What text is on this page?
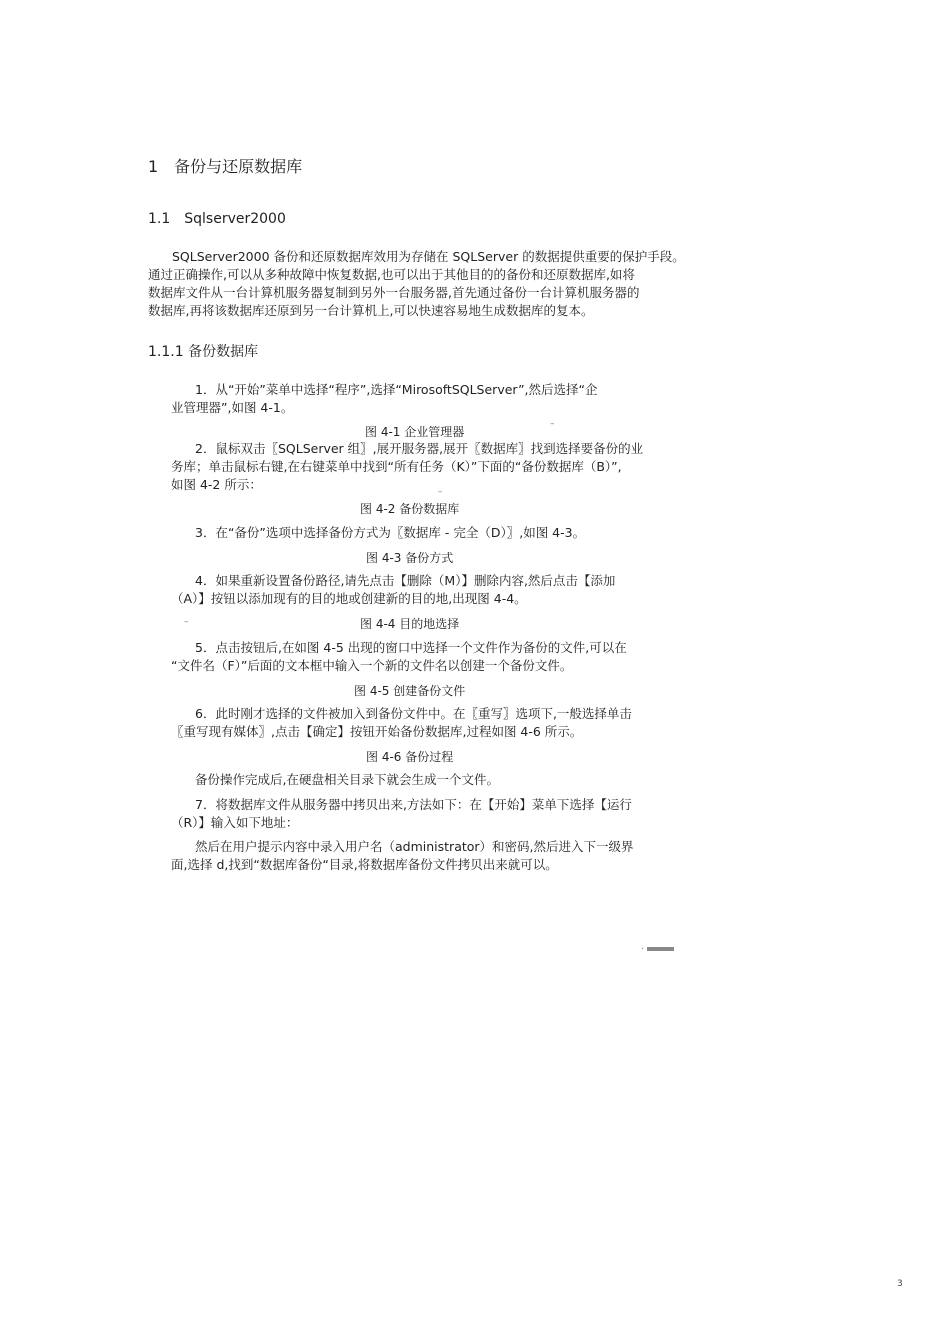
1　备份与还原数据库
1.1　Sqlserver2000
SQLServer2000 备份和还原数据库效用为存储在 SQLServer 的数据提供重要的保护手段。
通过正确操作,可以从多种故障中恢复数据,也可以出于其他目的的备份和还原数据库,如将
数据库文件从一台计算机服务器复制到另外一台服务器,首先通过备份一台计算机服务器的
数据库,再将该数据库还原到另一台计算机上,可以快速容易地生成数据库的复本。
1.1.1 备份数据库
1．从“开始”菜单中选择“程序”,选择“MirosoftSQLServer”,然后选择“企
业管理器”,如图 4-1。
图 4-1 企业管理器
–
2．鼠标双击〖SQLServer 组〗,展开服务器,展开〖数据库〗找到选择要备份的业
务库；单击鼠标右键,在右键菜单中找到“所有任务（K）”下面的“备份数据库（B）”,
如图 4-2 所示：	–
图 4-2 备份数据库
3．在“备份”选项中选择备份方式为〖数据库 - 完全（D）〗,如图 4-3。
图 4-3 备份方式
4．如果重新设置备份路径,请先点击【删除（M）】删除内容,然后点击【添加
（A）】按钮以添加现有的目的地或创建新的目的地,出现图 4-4。
–	图 4-4 目的地选择
5．点击按钮后,在如图 4-5 出现的窗口中选择一个文件作为备份的文件,可以在
“文件名（F）”后面的文本框中输入一个新的文件名以创建一个备份文件。
图 4-5 创建备份文件
6．此时刚才选择的文件被加入到备份文件中。在〖重写〗选项下,一般选择单击
〖重写现有媒体〗,点击【确定】按钮开始备份数据库,过程如图 4-6 所示。
图 4-6 备份过程
备份操作完成后,在硬盘相关目录下就会生成一个文件。
7．将数据库文件从服务器中拷贝出来,方法如下：在【开始】菜单下选择【运行
（R）】输入如下地址：
然后在用户提示内容中录入用户名（administrator）和密码,然后进入下一级界
面,选择 d,找到“数据库备份“目录,将数据库备份文件拷贝出来就可以。
.
3
